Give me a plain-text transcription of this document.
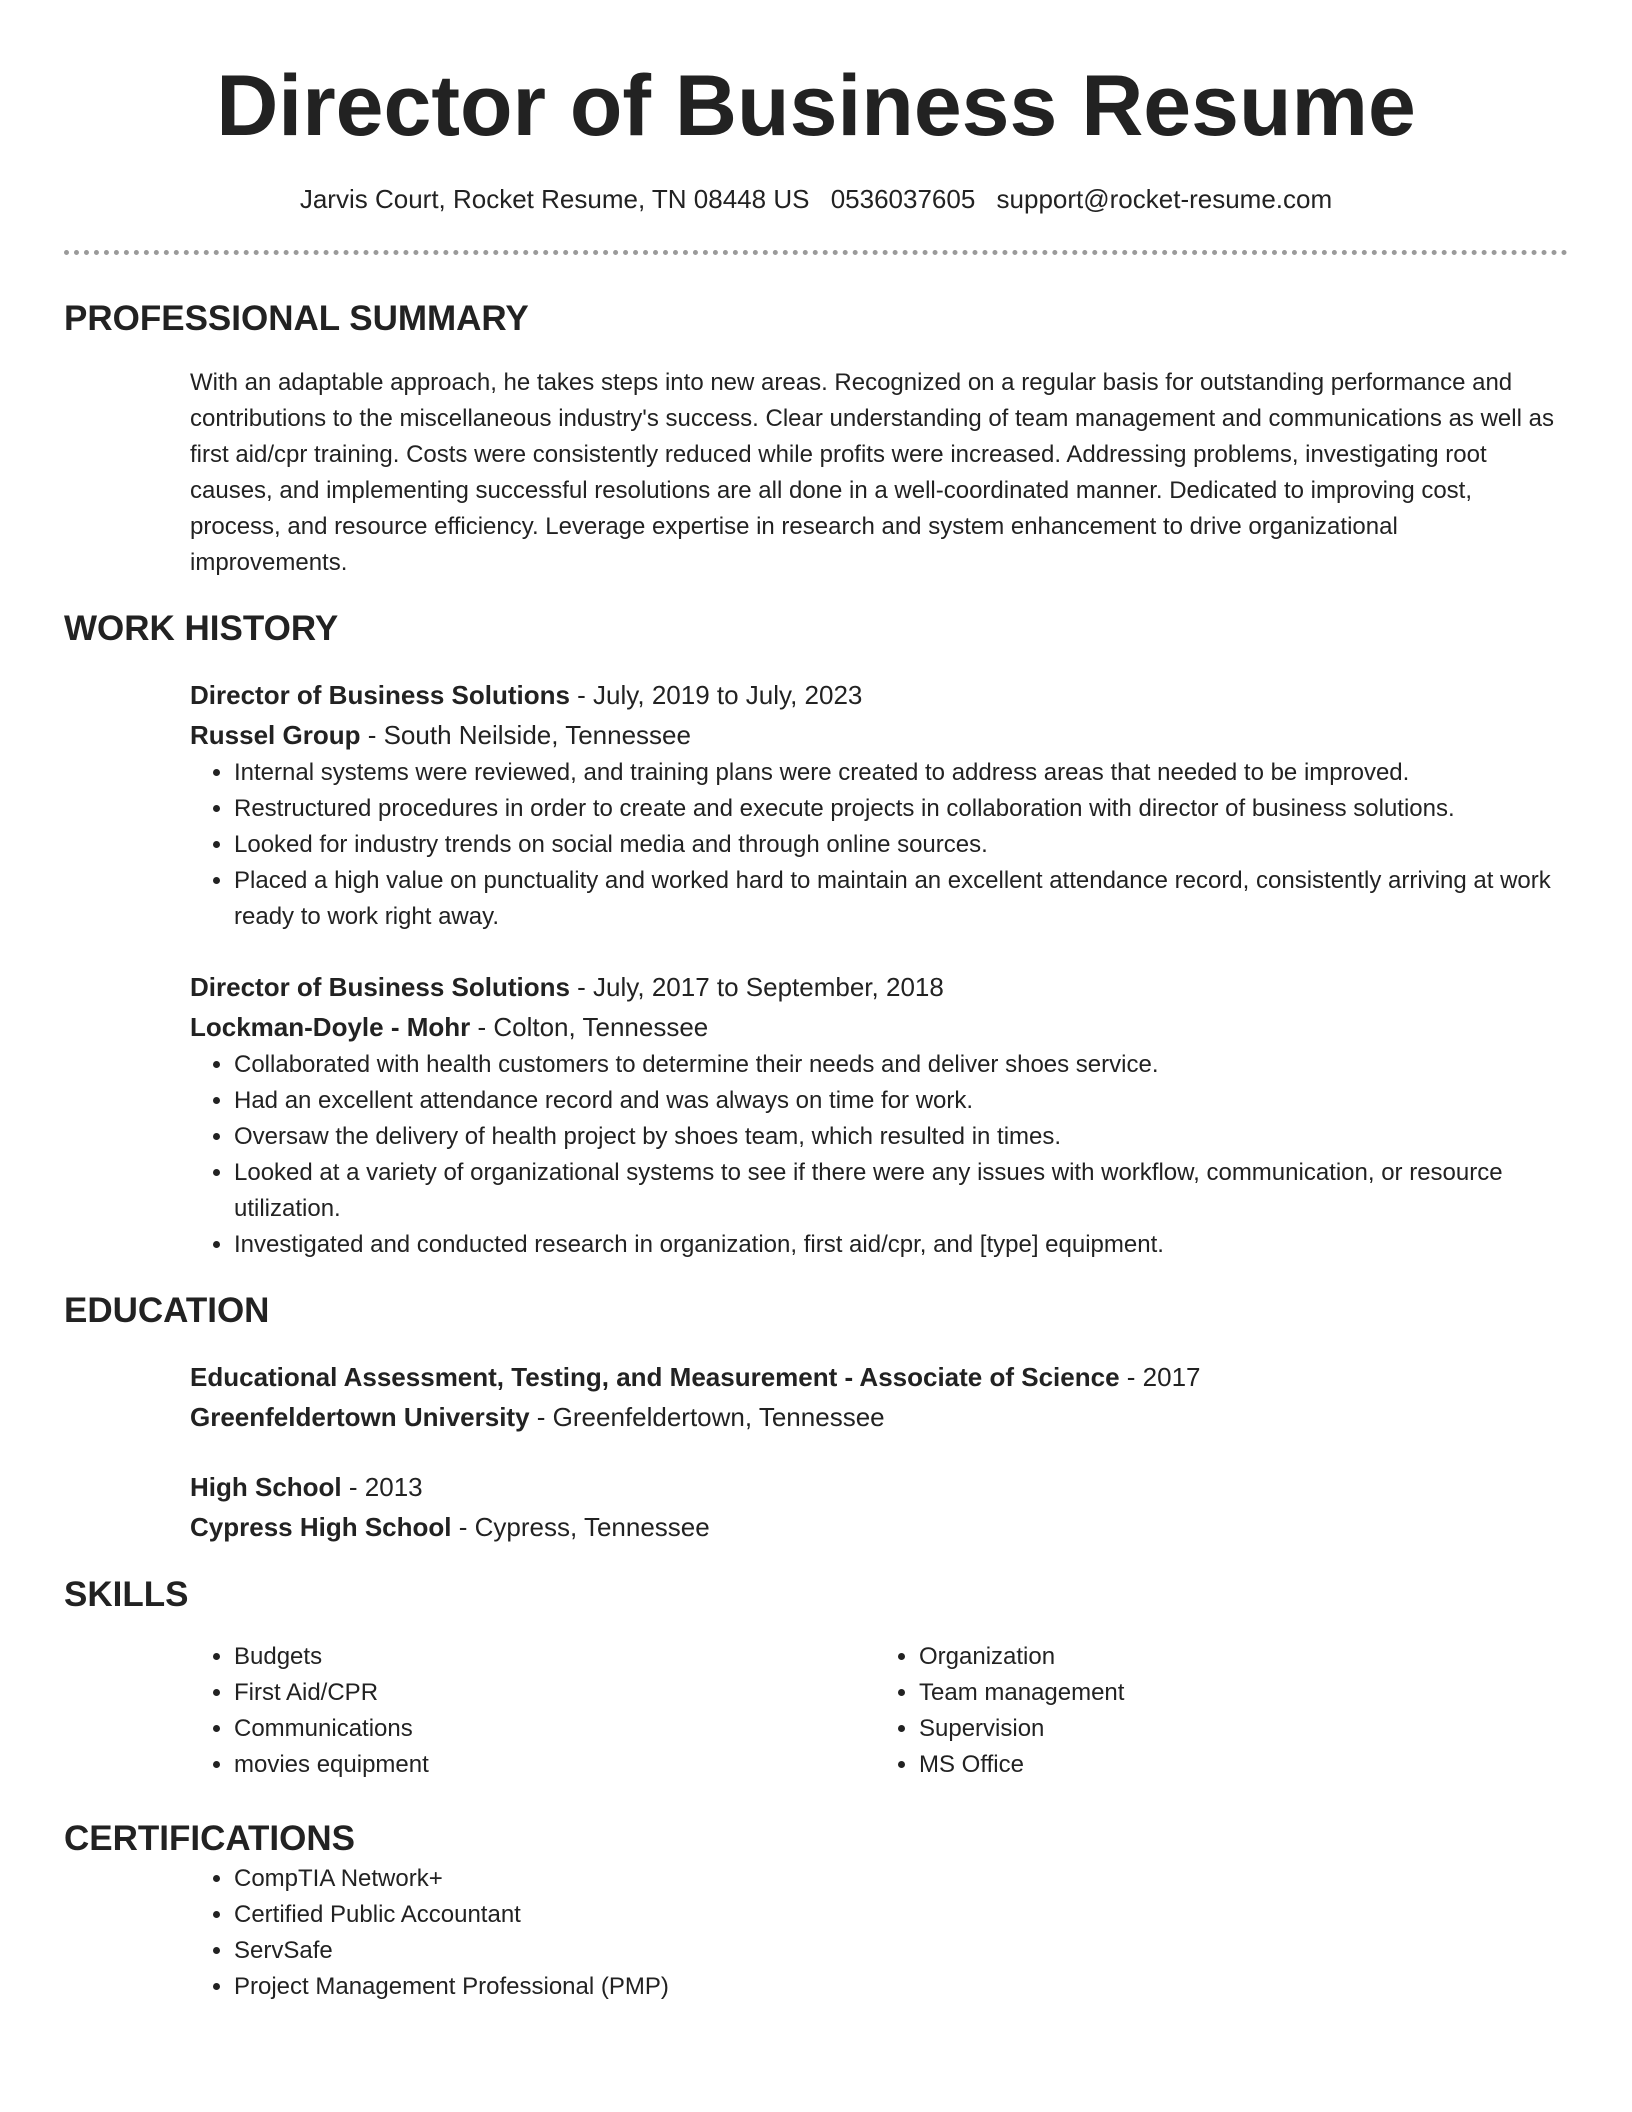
Director of Business Resume
Jarvis Court, Rocket Resume, TN 08448 US 0536037605 support@rocket-resume.com
PROFESSIONAL SUMMARY

With an adaptable approach, he takes steps into new areas. Recognized on a regular basis for outstanding performance and contributions to the miscellaneous industry's success. Clear understanding of team management and communications as well as first aid/cpr training. Costs were consistently reduced while profits were increased. Addressing problems, investigating root causes, and implementing successful resolutions are all done in a well-coordinated manner. Dedicated to improving cost, process, and resource efficiency. Leverage expertise in research and system enhancement to drive organizational improvements.

WORK HISTORY
Director of Business Solutions - July, 2019 to July, 2023
Russel Group - South Neilside, Tennessee
• Internal systems were reviewed, and training plans were created to address areas that needed to be improved.
• Restructured procedures in order to create and execute projects in collaboration with director of business solutions.
• Looked for industry trends on social media and through online sources.
• Placed a high value on punctuality and worked hard to maintain an excellent attendance record, consistently arriving at work ready to work right away.
Director of Business Solutions - July, 2017 to September, 2018
Lockman-Doyle - Mohr - Colton, Tennessee
• Collaborated with health customers to determine their needs and deliver shoes service.
• Had an excellent attendance record and was always on time for work.
• Oversaw the delivery of health project by shoes team, which resulted in times.
• Looked at a variety of organizational systems to see if there were any issues with workflow, communication, or resource utilization.
• Investigated and conducted research in organization, first aid/cpr, and [type] equipment.
EDUCATION
Educational Assessment, Testing, and Measurement - Associate of Science - 2017
Greenfeldertown University - Greenfeldertown, Tennessee
High School - 2013
Cypress High School - Cypress, Tennessee
SKILLS
• Budgets
• First Aid/CPR
• Communications
• movies equipment
• Organization
• Team management
• Supervision
• MS Office
CERTIFICATIONS
• CompTIA Network+
• Certified Public Accountant
• ServSafe
• Project Management Professional (PMP)
